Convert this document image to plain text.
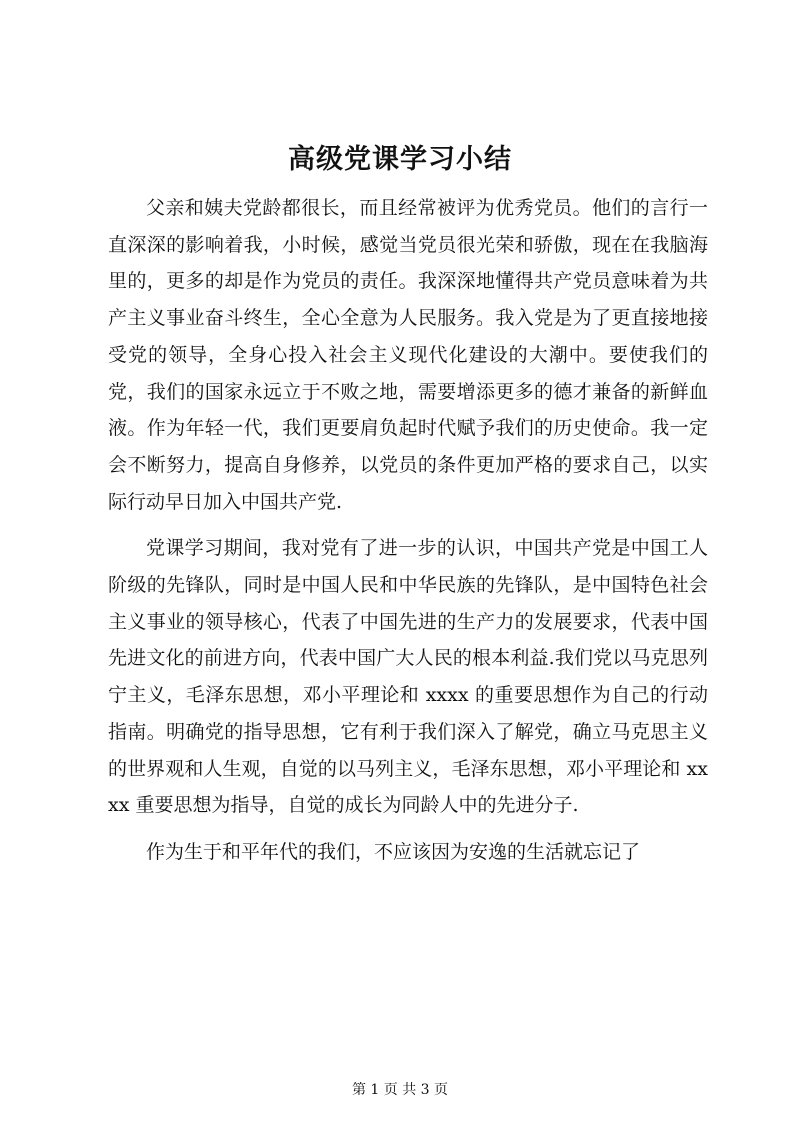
高级党课学习小结

父亲和姨夫党龄都很长，而且经常被评为优秀党员。他们的言行一直深深的影响着我，小时候，感觉当党员很光荣和骄傲，现在在我脑海里的，更多的却是作为党员的责任。我深深地懂得共产党员意味着为共产主义事业奋斗终生，全心全意为人民服务。我入党是为了更直接地接受党的领导，全身心投入社会主义现代化建设的大潮中。要使我们的党，我们的国家永远立于不败之地，需要增添更多的德才兼备的新鲜血液。作为年轻一代，我们更要肩负起时代赋予我们的历史使命。我一定会不断努力，提高自身修养，以党员的条件更加严格的要求自己，以实际行动早日加入中国共产党.

党课学习期间，我对党有了进一步的认识，中国共产党是中国工人阶级的先锋队，同时是中国人民和中华民族的先锋队，是中国特色社会主义事业的领导核心，代表了中国先进的生产力的发展要求，代表中国先进文化的前进方向，代表中国广大人民的根本利益.我们党以马克思列宁主义，毛泽东思想，邓小平理论和 xxxx 的重要思想作为自己的行动指南。明确党的指导思想，它有利于我们深入了解党，确立马克思主义的世界观和人生观，自觉的以马列主义，毛泽东思想，邓小平理论和 xxxx 重要思想为指导，自觉的成长为同龄人中的先进分子.

作为生于和平年代的我们，不应该因为安逸的生活就忘记了

第 1 页 共 3 页
